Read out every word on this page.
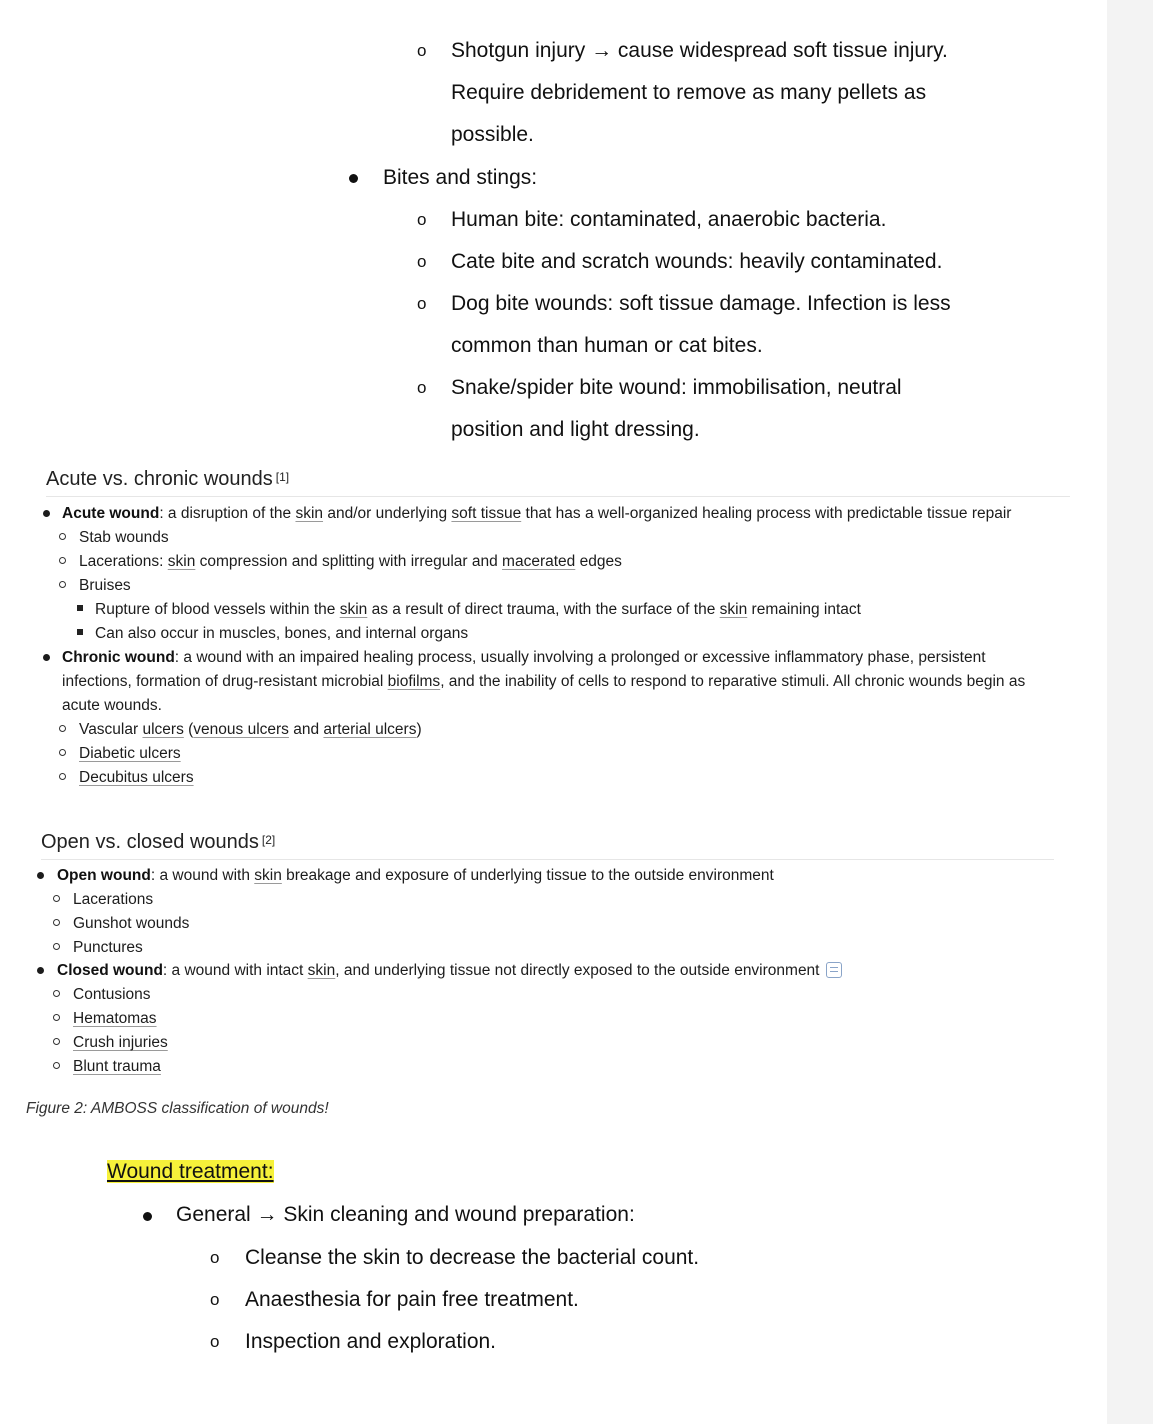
o Shotgun injury → cause widespread soft tissue injury.
Require debridement to remove as many pellets as
possible.
Bites and stings:
o Human bite: contaminated, anaerobic bacteria.
o Cate bite and scratch wounds: heavily contaminated.
o Dog bite wounds: soft tissue damage. Infection is less
common than human or cat bites.
o Snake/spider bite wound: immobilisation, neutral
position and light dressing.
Acute vs. chronic wounds [1]
Acute wound: a disruption of the skin and/or underlying soft tissue that has a well-organized healing process with predictable tissue repair
Stab wounds
Lacerations: skin compression and splitting with irregular and macerated edges
Bruises
Rupture of blood vessels within the skin as a result of direct trauma, with the surface of the skin remaining intact
Can also occur in muscles, bones, and internal organs
Chronic wound: a wound with an impaired healing process, usually involving a prolonged or excessive inflammatory phase, persistent
infections, formation of drug-resistant microbial biofilms, and the inability of cells to respond to reparative stimuli. All chronic wounds begin as
acute wounds.
Vascular ulcers (venous ulcers and arterial ulcers)
Diabetic ulcers
Decubitus ulcers
Open vs. closed wounds [2]
Open wound: a wound with skin breakage and exposure of underlying tissue to the outside environment
Lacerations
Gunshot wounds
Punctures
Closed wound: a wound with intact skin, and underlying tissue not directly exposed to the outside environment
Contusions
Hematomas
Crush injuries
Blunt trauma
Figure 2: AMBOSS classification of wounds!
Wound treatment:
General → Skin cleaning and wound preparation:
o Cleanse the skin to decrease the bacterial count.
o Anaesthesia for pain free treatment.
o Inspection and exploration.
